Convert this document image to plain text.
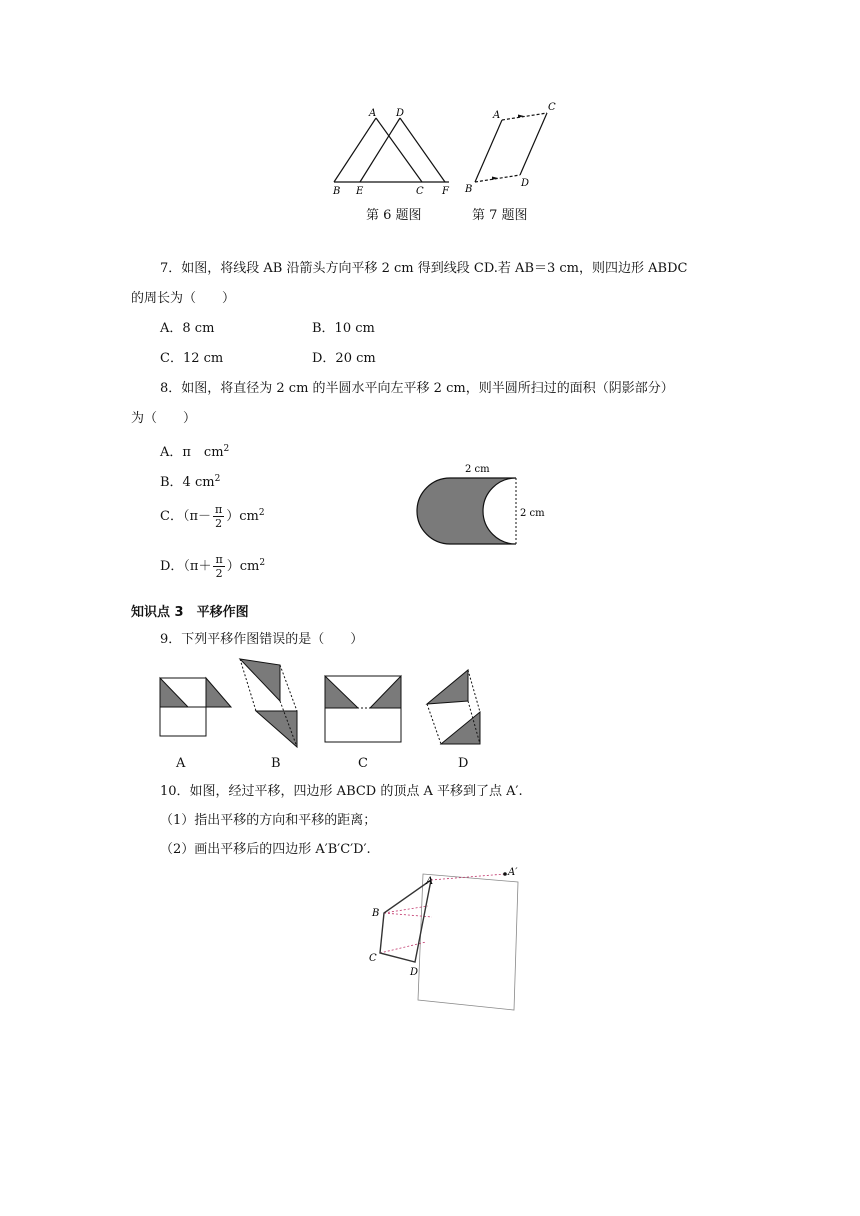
A D
B E	C F
A
C
B
D
第 6 题图	第 7 题图
7．如图，将线段 AB 沿箭头方向平移 2 cm 得到线段 CD.若 AB＝3 cm，则四边形 ABDC
的周长为（　　）
A．8 cm	B．10 cm
C．12 cm	D．20 cm
8．如图，将直径为 2 cm 的半圆水平向左平移 2 cm，则半圆所扫过的面积（阴影部分）
为（　　）
A．π　$cm^2$
B．4 $cm^2$
C．$(\pi- \frac{\pi}{2} )cm^2$
D．$(\pi+ \frac{\pi}{2} )cm^2$
2 cm
2 cm
知识点 3　平移作图
9．下列平移作图错误的是（　　）
A	B	C	D
10．如图，经过平移，四边形 ABCD 的顶点 A 平移到了点 A′.
（1）指出平移的方向和平移的距离；
（2）画出平移后的四边形 A′B′C′D′.
A
B
C
D
A′
